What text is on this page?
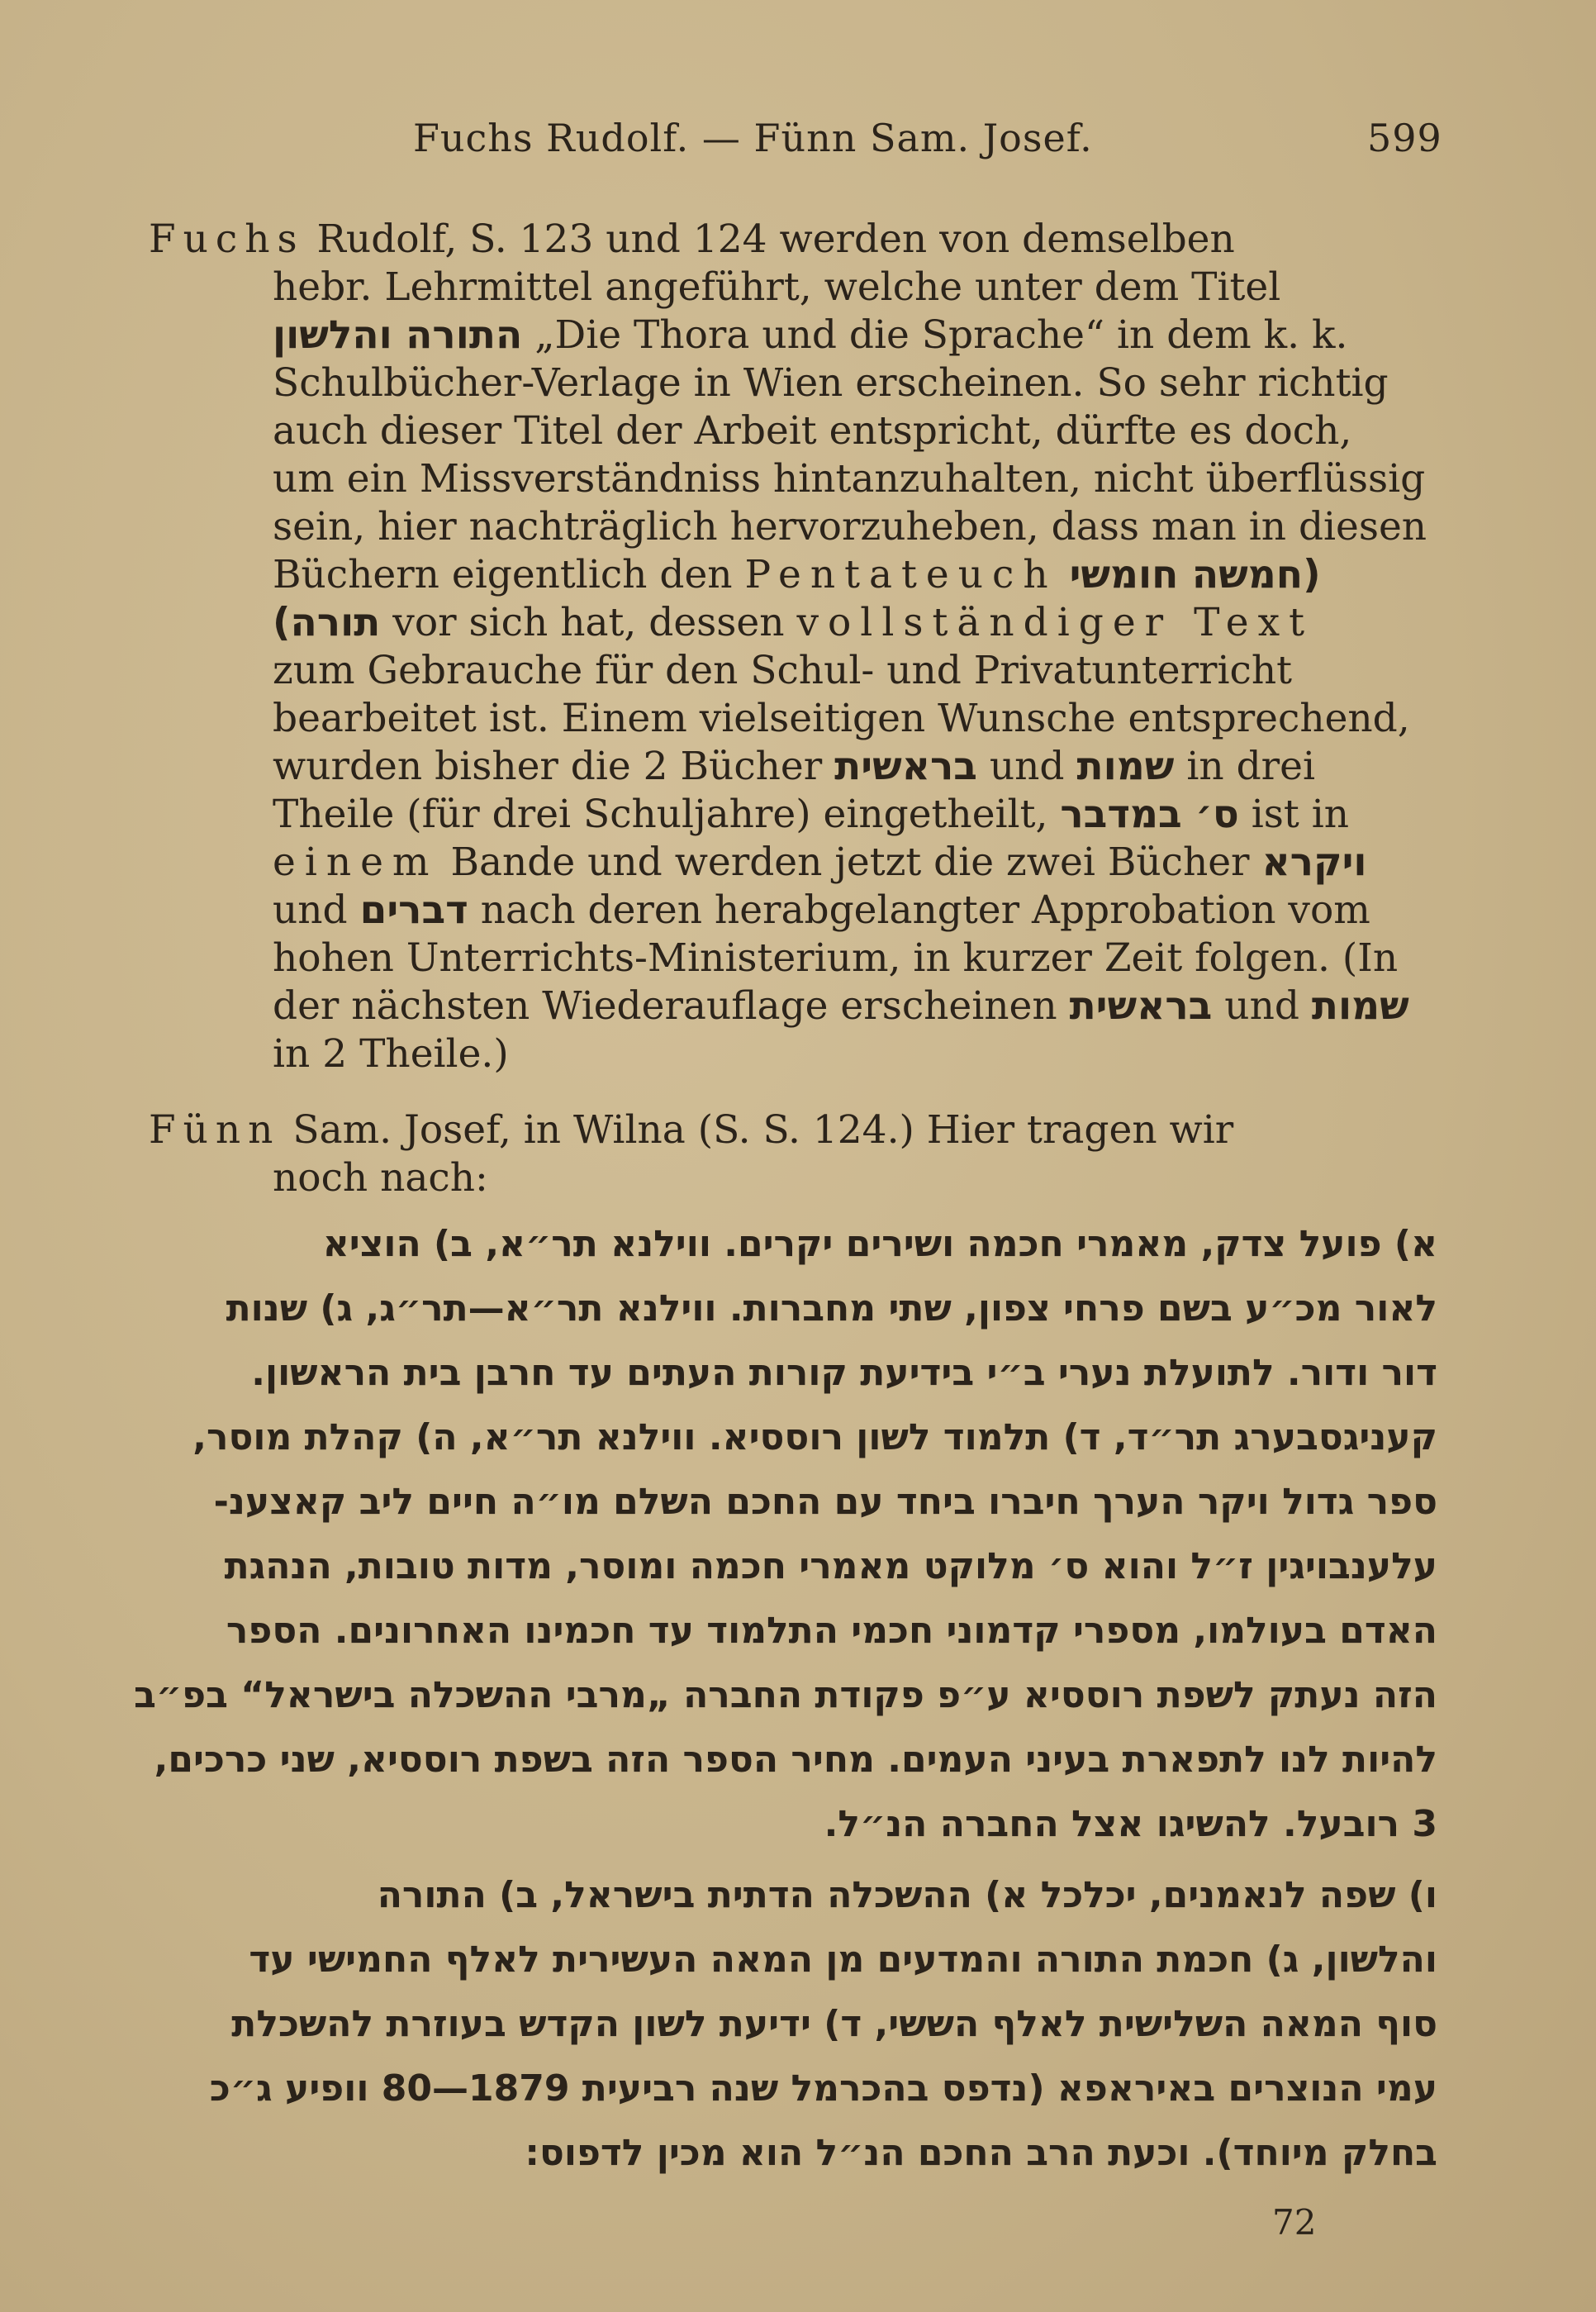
Fuchs Rudolf. — Fünn Sam. Josef.	599
Fuchs Rudolf, S. 123 und 124 werden von demselben
hebr. Lehrmittel angeführt, welche unter dem Titel
התורה והלשון „Die Thora und die Sprache“ in dem k. k.
Schulbücher-Verlage in Wien erscheinen. So sehr richtig
auch dieser Titel der Arbeit entspricht, dürfte es doch,
um ein Missverständniss hintanzuhalten, nicht überflüssig
sein, hier nachträglich hervorzuheben, dass man in diesen
Büchern eigentlich den Pentateuch (חמשה חומשי
תורה) vor sich hat, dessen vollständiger Text
zum Gebrauche für den Schul- und Privatunterricht
bearbeitet ist. Einem vielseitigen Wunsche entsprechend,
wurden bisher die 2 Bücher בראשית und שמות in drei
Theile (für drei Schuljahre) eingetheilt, ס׳ במדבר ist in
einem Bande und werden jetzt die zwei Bücher ויקרא
und דברים nach deren herabgelangter Approbation vom
hohen Unterrichts-Ministerium, in kurzer Zeit folgen. (In
der nächsten Wiederauflage erscheinen בראשית und שמות
in 2 Theile.)
Fünn Sam. Josef, in Wilna (S. S. 124.) Hier tragen wir
noch nach:
א) פועל צדק, מאמרי חכמה ושירים יקרים. ווילנא תר״א, ב) הוציא
לאור מכ״ע בשם פרחי צפון, שתי מחברות. ווילנא תר״א—תר״ג, ג) שנות
דור ודור. לתועלת נערי ב״י בידיעת קורות העתים עד חרבן בית הראשון.
קעניגסבערג תר״ד, ד) תלמוד לשון רוססיא. ווילנא תר״א, ה) קהלת מוסר,
ספר גדול ויקר הערך חיברו ביחד עם החכם השלם מו״ה חיים ליב קאצענ-
עלענבויגין ז״ל והוא ס׳ מלוקט מאמרי חכמה ומוסר, מדות טובות, הנהגת
האדם בעולמו, מספרי קדמוני חכמי התלמוד עד חכמינו האחרונים. הספר
הזה נעתק לשפת רוססיא ע״פ פקודת החברה „מרבי ההשכלה בישראל“ בפ״ב
להיות לנו לתפארת בעיני העמים. מחיר הספר הזה בשפת רוססיא, שני כרכים,
3 רובעל. להשיגו אצל החברה הנ״ל.
ו) שפה לנאמנים, יכלכל א) ההשכלה הדתית בישראל, ב) התורה
והלשון, ג) חכמת התורה והמדעים מן המאה העשירית לאלף החמישי עד
סוף המאה השלישית לאלף הששי, ד) ידיעת לשון הקדש בעוזרת להשכלת
עמי הנוצרים באיראפא (נדפס בהכרמל שנה רביעית 1879—80 וופיע ג״כ
בחלק מיוחד). וכעת הרב החכם הנ״ל הוא מכין לדפוס:
72
